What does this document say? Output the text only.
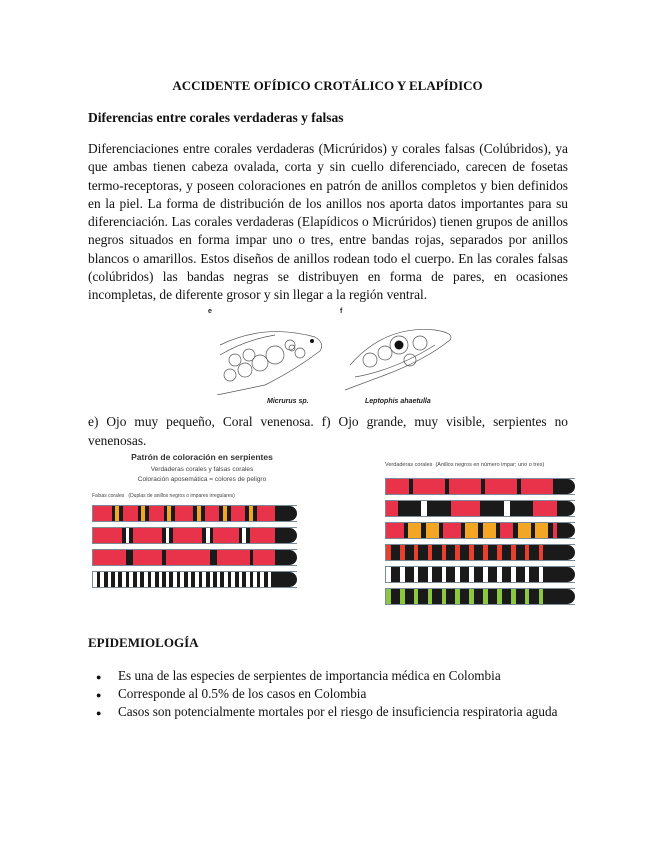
ACCIDENTE OFÍDICO CROTÁLICO Y ELAPÍDICO
Diferencias entre corales verdaderas y falsas
Diferenciaciones entre corales verdaderas (Micrúridos) y corales falsas (Colúbridos), ya que ambas tienen cabeza ovalada, corta y sin cuello diferenciado, carecen de fosetas termo-receptoras, y poseen coloraciones en patrón de anillos completos y bien definidos en la piel. La forma de distribución de los anillos nos aporta datos importantes para su diferenciación. Las corales verdaderas (Elapídicos o Micrúridos) tienen grupos de anillos negros situados en forma impar uno o tres, entre bandas rojas, separados por anillos blancos o amarillos. Estos diseños de anillos rodean todo el cuerpo. En las corales falsas (colúbridos) las bandas negras se distribuyen en forma de pares, en ocasiones incompletas, de diferente grosor y sin llegar a la región ventral.
e	f
Micrurus sp.	Leptophis ahaetulla
e) Ojo muy pequeño, Coral venenosa. f) Ojo grande, muy visible, serpientes no venenosas.
Patrón de coloración en serpientes
Verdaderas corales y falsas corales
Coloración aposemática = colores de peligro
Falsas corales   (Duplas de anillos negros o impares irregulares)
Verdaderas corales  (Anillos negros en número impar; uno o tres)
EPIDEMIOLOGÍA
● Es una de las especies de serpientes de importancia médica en Colombia
● Corresponde al 0.5% de los casos en Colombia
● Casos son potencialmente mortales por el riesgo de insuficiencia respiratoria aguda
